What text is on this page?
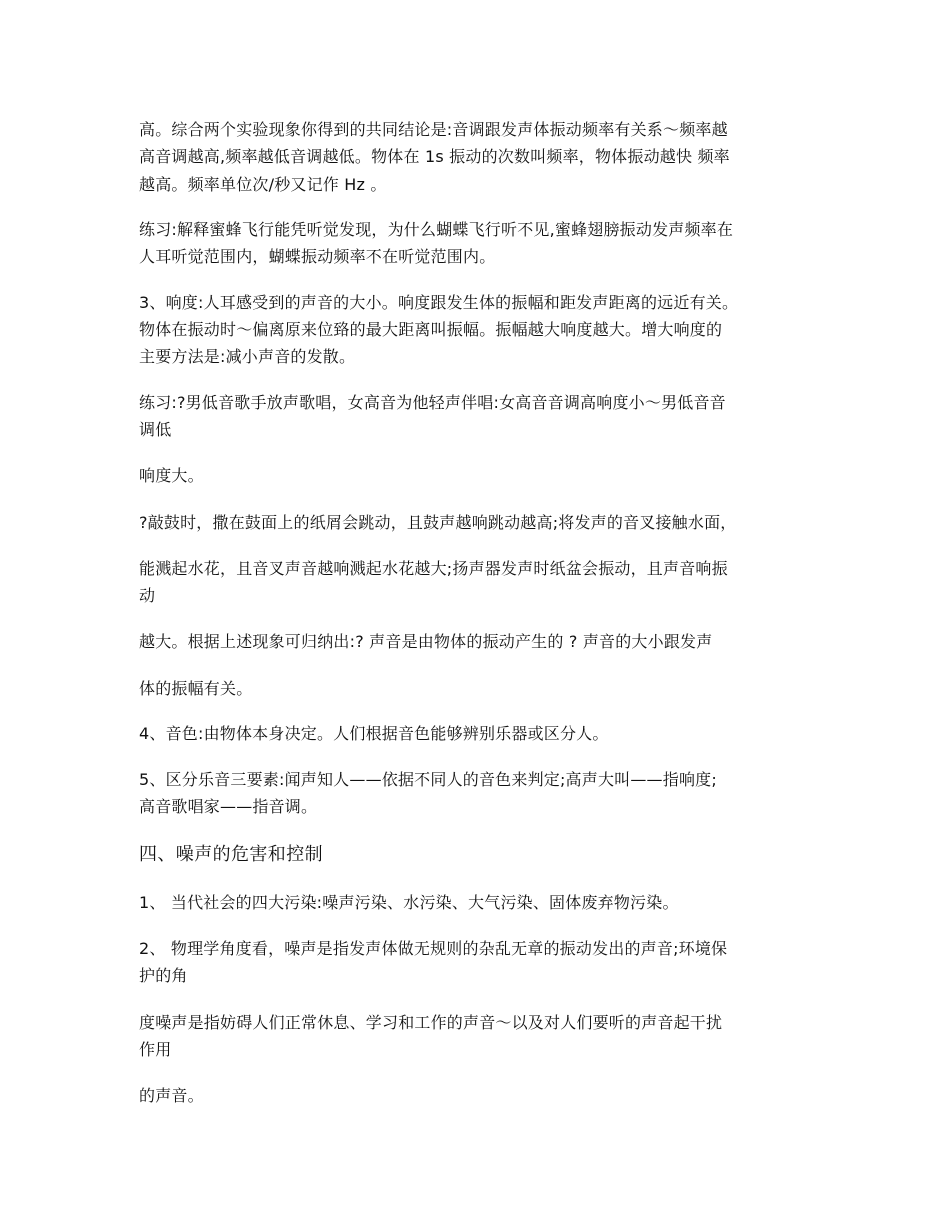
高。综合两个实验现象你得到的共同结论是:音调跟发声体振动频率有关系～频率越
高音调越高,频率越低音调越低。物体在 1s 振动的次数叫频率，物体振动越快 频率
越高。频率单位次/秒又记作 Hz 。
练习:解释蜜蜂飞行能凭听觉发现，为什么蝴蝶飞行听不见,蜜蜂翅膀振动发声频率在
人耳听觉范围内，蝴蝶振动频率不在听觉范围内。
3、响度:人耳感受到的声音的大小。响度跟发生体的振幅和距发声距离的远近有关。
物体在振动时～偏离原来位臵的最大距离叫振幅。振幅越大响度越大。增大响度的
主要方法是:减小声音的发散。
练习:?男低音歌手放声歌唱，女高音为他轻声伴唱:女高音音调高响度小～男低音音
调低
响度大。
?敲鼓时，撒在鼓面上的纸屑会跳动，且鼓声越响跳动越高;将发声的音叉接触水面，
能溅起水花，且音叉声音越响溅起水花越大;扬声器发声时纸盆会振动，且声音响振
动
越大。根据上述现象可归纳出:? 声音是由物体的振动产生的 ? 声音的大小跟发声
体的振幅有关。
4、音色:由物体本身决定。人们根据音色能够辨别乐器或区分人。
5、区分乐音三要素:闻声知人——依据不同人的音色来判定;高声大叫——指响度;
高音歌唱家——指音调。
四、噪声的危害和控制
1、 当代社会的四大污染:噪声污染、水污染、大气污染、固体废弃物污染。
2、 物理学角度看，噪声是指发声体做无规则的杂乱无章的振动发出的声音;环境保
护的角
度噪声是指妨碍人们正常休息、学习和工作的声音～以及对人们要听的声音起干扰
作用
的声音。
